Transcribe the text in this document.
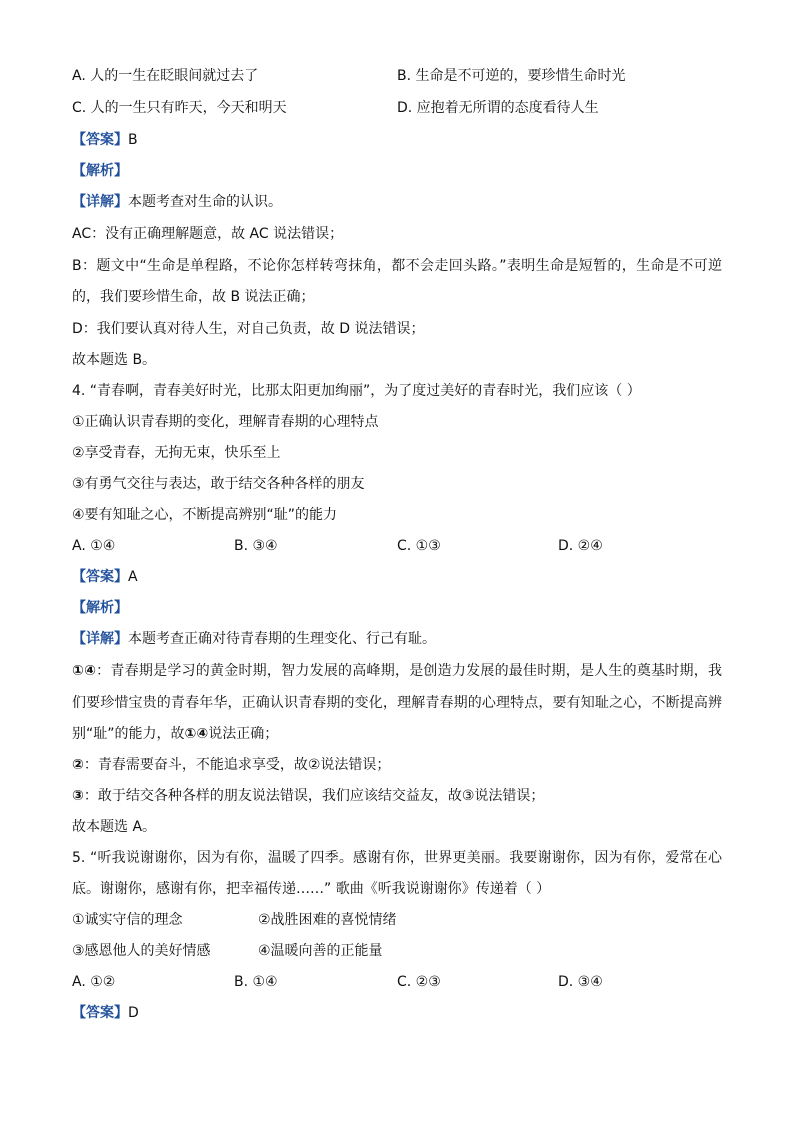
A. 人的一生在眨眼间就过去了	B. 生命是不可逆的，要珍惜生命时光
C. 人的一生只有昨天，今天和明天	D. 应抱着无所谓的态度看待人生
【答案】B
【解析】
【详解】本题考查对生命的认识。
AC：没有正确理解题意，故 AC 说法错误；
B：题文中“生命是单程路，不论你怎样转弯抹角，都不会走回头路。”表明生命是短暂的，生命是不可逆
的，我们要珍惜生命，故 B 说法正确；
D：我们要认真对待人生，对自己负责，故 D 说法错误；
故本题选 B。
4. “青春啊，青春美好时光，比那太阳更加绚丽”，为了度过美好的青春时光，我们应该（ ）
①正确认识青春期的变化，理解青春期的心理特点
②享受青春，无拘无束，快乐至上
③有勇气交往与表达，敢于结交各种各样的朋友
④要有知耻之心，不断提高辨别“耻”的能力
A. ①④	B. ③④	C. ①③	D. ②④
【答案】A
【解析】
【详解】本题考查正确对待青春期的生理变化、行己有耻。
①④：青春期是学习的黄金时期，智力发展的高峰期，是创造力发展的最佳时期，是人生的奠基时期，我
们要珍惜宝贵的青春年华，正确认识青春期的变化，理解青春期的心理特点，要有知耻之心，不断提高辨
别“耻”的能力，故①④说法正确；
②：青春需要奋斗，不能追求享受，故②说法错误；
③：敢于结交各种各样的朋友说法错误，我们应该结交益友，故③说法错误；
故本题选 A。
5. “听我说谢谢你，因为有你，温暖了四季。感谢有你，世界更美丽。我要谢谢你，因为有你，爱常在心
底。谢谢你，感谢有你，把幸福传递……” 歌曲《听我说谢谢你》传递着（ ）
①诚实守信的理念	②战胜困难的喜悦情绪
③感恩他人的美好情感	④温暖向善的正能量
A. ①②	B. ①④	C. ②③	D. ③④
【答案】D
